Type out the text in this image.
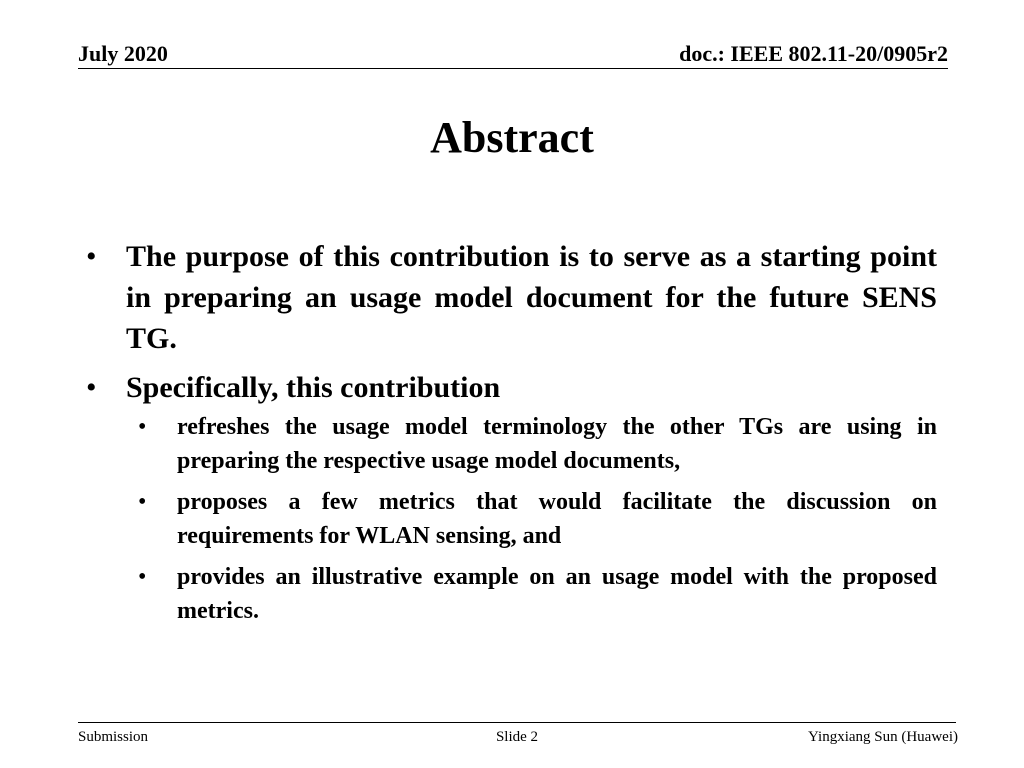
July 2020	doc.: IEEE 802.11-20/0905r2
Abstract
• The purpose of this contribution is to serve as a starting point in preparing an usage model document for the future SENS TG.
• Specifically, this contribution
• refreshes the usage model terminology the other TGs are using in preparing the respective usage model documents,
• proposes a few metrics that would facilitate the discussion on requirements for WLAN sensing, and
• provides an illustrative example on an usage model with the proposed metrics.
Submission	Slide 2	Yingxiang Sun (Huawei)
